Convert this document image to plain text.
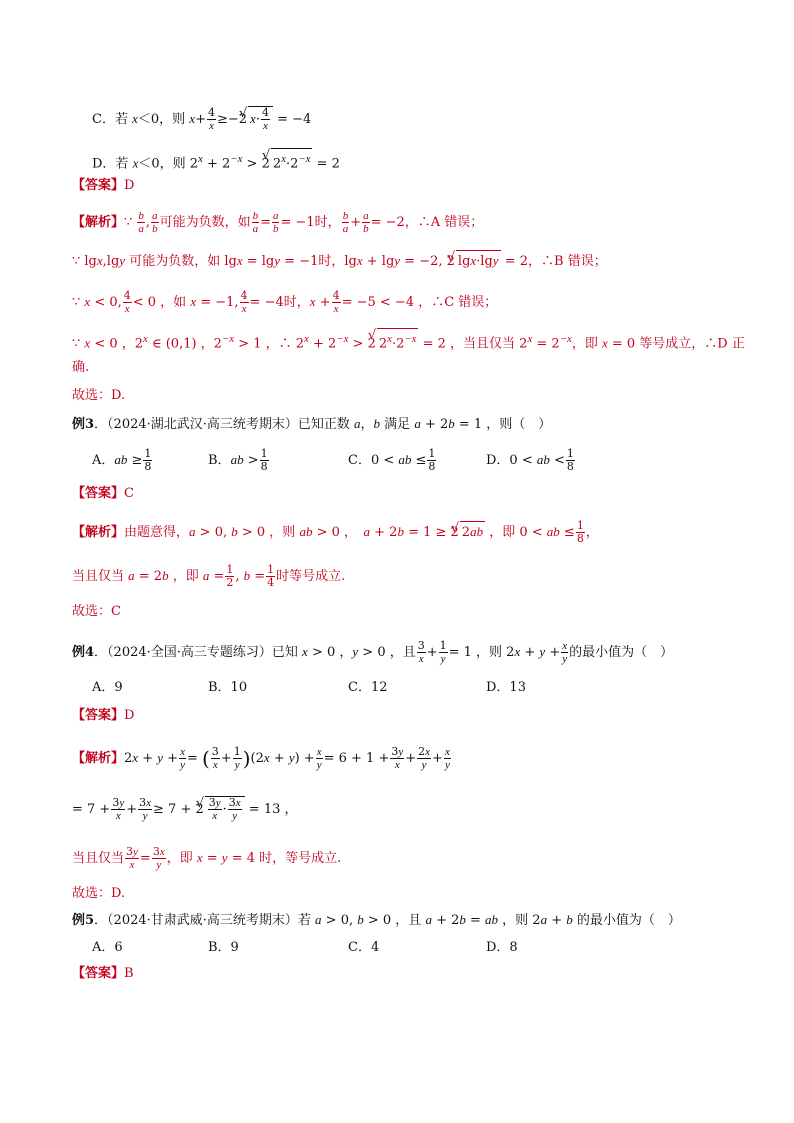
C．若 x＜0，则 $x+ \frac{4}{x} \ge-2√$ $x\cdot \frac{4}{x} = -4$
D．若 x＜0，则 $2^x + 2^{-x} > 2√$ $2^x\cdot 2^{-x} = 2$
【答案】D
【解析】∵ $\frac{b}{a}$ , $\frac{a}{b}$ 可能为负数，如 $\frac{b}{a} = \frac{a}{b} = -1$时， $\frac{b}{a} + \frac{a}{b} = -2$，∴A 错误；
∵ lgx,lgy 可能为负数，如 lgx = lgy = −1时，lgx + lgy = −2, 2√ lgx·lgy = 2，∴B 错误；
∵ x < 0, $\frac{4}{x} < 0$ ，如 x = −1, $\frac{4}{x} = -4$时，$x + \frac{4}{x} = -5 < -4$ ，∴C 错误；
∵ x < 0 ，2$^x$ ∈ (0,1) ，$2^{-x} > 1$ ，∴ $2^x + 2^{-x} > 2√$ $2^x\cdot 2^{-x} = 2$ ，当且仅当 $2^x = 2^{-x}$，即 x = 0 等号成立，∴D 正
确.
故选：D.
例3．（2024·湖北武汉·高三统考期末）已知正数 a，b 满足 a + 2b = 1 ，则（　）
A．ab ≥ $\frac{1}{8}$	B．ab > $\frac{1}{8}$	C．0 < ab ≤ $\frac{1}{8}$	D．0 < ab < $\frac{1}{8}$
【答案】C
【解析】由题意得，a > 0, b > 0 ，则 ab > 0 ，　a + 2b = 1 ≥ 2√ 2ab ，即 0 < ab ≤ $\frac{1}{8}$ ，
当且仅当 a = 2b ，即 $a = \frac{1}{2}$ , $b = \frac{1}{4}$ 时等号成立.
故选：C
例4．（2024·全国·高三专题练习）已知 x > 0 ，y > 0 ，且 $\frac{3}{x} + \frac{1}{y} = 1$ ，则 $2x + y + \frac{x}{y}$ 的最小值为（　）
A．9	B．10	C．12	D．13
【答案】D
【解析】$2x + y + \frac{x}{y}$ = ( $\frac{3}{x} + \frac{1}{y} )(2x + y) + \frac{x}{y} = 6 + 1 + \frac{3y}{x} + \frac{2x}{y} + \frac{x}{y}$
= $7 + \frac{3y}{x} + \frac{3x}{y} \ge 7 + 2$
√ $\frac{3y}{x} \cdot \frac{3x}{y} = 13$ ，
当且仅当 $\frac{3y}{x} = \frac{3x}{y}$ ，即 x = y = 4 时，等号成立.
故选：D.
例5．（2024·甘肃武威·高三统考期末）若 a > 0, b > 0 ，且 a + 2b = ab ，则 2a + b 的最小值为（　）
A．6	B．9	C．4	D．8
【答案】B
